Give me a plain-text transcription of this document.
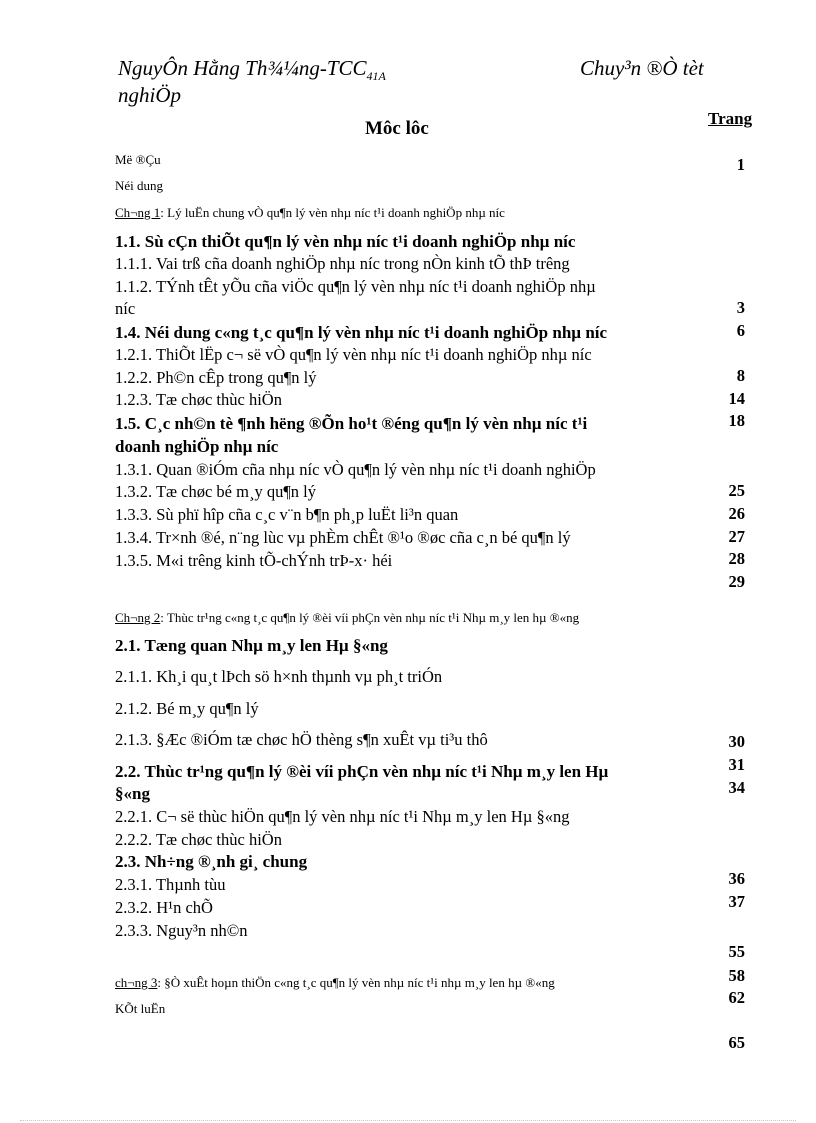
NguyÔn Hằng Th¾¼ng-$TCC_{41A}$	Chuy³n ®Ò tèt
nghiÖp
Môc lôc	Trang
Më ®Çu
Néi dung
Ch¬ng 1: Lý luËn chung vÒ qu¶n lý vèn nhµ níc t¹i doanh nghiÖp nhµ níc
1.1. Sù cÇn thiÕt qu¶n lý vèn nhµ níc t¹i doanh nghiÖp nhµ níc
1.1.1. Vai trß cña doanh nghiÖp nhµ níc trong nÒn kinh tÕ thÞ trêng
1.1.2. TÝnh tÊt yÕu cña viÖc qu¶n lý vèn nhµ níc t¹i doanh nghiÖp nhµ
níc
1.4. Néi dung c«ng t¸c qu¶n lý vèn nhµ níc t¹i doanh nghiÖp nhµ níc
1.2.1. ThiÕt lËp c¬ së vÒ qu¶n lý vèn nhµ níc t¹i doanh nghiÖp nhµ níc
1.2.2. Ph©n cÊp trong qu¶n lý
1.2.3. Tæ chøc thùc hiÖn
1.5. C¸c nh©n tè ¶nh hëng ®Õn ho¹t ®éng qu¶n lý vèn nhµ níc t¹i
doanh nghiÖp nhµ níc
1.3.1. Quan ®iÓm cña nhµ níc vÒ qu¶n lý vèn nhµ níc t¹i doanh nghiÖp
1.3.2. Tæ chøc bé m¸y qu¶n lý
1.3.3. Sù phï hîp cña c¸c v¨n b¶n ph¸p luËt li³n quan
1.3.4. Tr×nh ®é, n¨ng lùc vµ phÈm chÊt ®¹o ®øc cña c¸n bé qu¶n lý
1.3.5. M«i trêng kinh tÕ-chÝnh trÞ-x· héi
Ch¬ng 2: Thùc tr¹ng c«ng t¸c qu¶n lý ®èi víi phÇn vèn nhµ níc t¹i Nhµ m¸y len hµ ®«ng
2.1. Tæng quan Nhµ m¸y len Hµ §«ng
2.1.1. Kh¸i qu¸t lÞch sö h×nh thµnh vµ ph¸t triÓn
2.1.2. Bé m¸y qu¶n lý
2.1.3. §Æc ®iÓm tæ chøc hÖ thèng s¶n xuÊt vµ ti³u thô
2.2. Thùc tr¹ng qu¶n lý ®èi víi phÇn vèn nhµ níc t¹i Nhµ m¸y len Hµ
§«ng
2.2.1. C¬ së thùc hiÖn qu¶n lý vèn nhµ níc t¹i Nhµ m¸y len Hµ §«ng
2.2.2. Tæ chøc thùc hiÖn
2.3. Nh÷ng ®¸nh gi¸ chung
2.3.1. Thµnh tùu
2.3.2. H¹n chÕ
2.3.3. Nguy³n nh©n
ch¬ng 3: §Ò xuÊt hoµn thiÖn c«ng t¸c qu¶n lý vèn nhµ níc t¹i nhµ m¸y len hµ ®«ng
KÕt luËn
1
3
6
8
14
18
25
26
27
28
29
30
31
34
36
37
55
58
62
65
